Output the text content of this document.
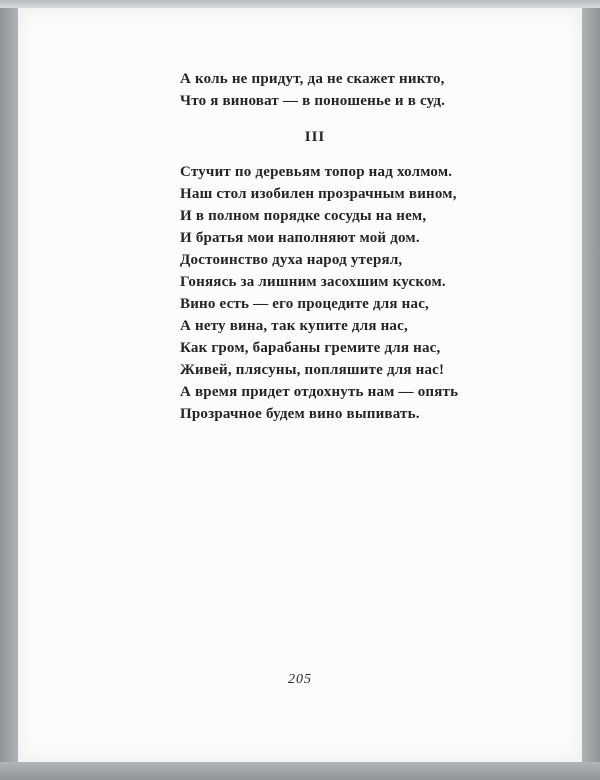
А коль не придут, да не скажет никто,
Что я виноват — в поношенье и в суд.
III
Стучит по деревьям топор над холмом.
Наш стол изобилен прозрачным вином,
И в полном порядке сосуды на нем,
И братья мои наполняют мой дом.
Достоинство духа народ утерял,
Гоняясь за лишним засохшим куском.
Вино есть — его процедите для нас,
А нету вина, так купите для нас,
Как гром, барабаны гремите для нас,
Живей, плясуны, попляшите для нас!
А время придет отдохнуть нам — опять
Прозрачное будем вино выпивать.
205
